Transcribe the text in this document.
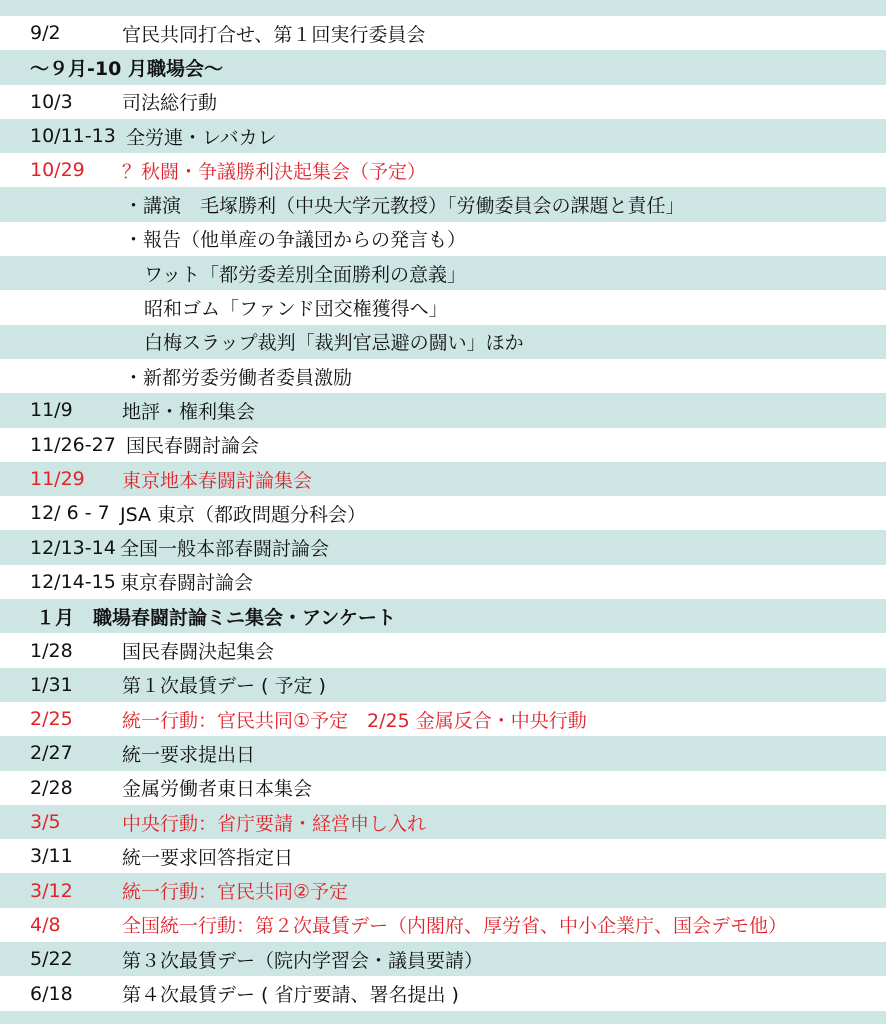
9/2	官民共同打合せ、第１回実行委員会
～９月-10 月職場会～
10/3	司法総行動
10/11-13 全労連・レバカレ
10/29 ？秋闘・争議勝利決起集会（予定）
・講演　毛塚勝利（中央大学元教授）「労働委員会の課題と責任」
・報告（他単産の争議団からの発言も）
ワット「都労委差別全面勝利の意義」
昭和ゴム「ファンド団交権獲得へ」
白梅スラップ裁判「裁判官忌避の闘い」ほか
・新都労委労働者委員激励
11/9	地評・権利集会
11/26-27 国民春闘討論会
11/29 東京地本春闘討論集会
12/ 6 - 7 JSA 東京（都政問題分科会）
12/13-14 全国一般本部春闘討論会
12/14-15 東京春闘討論会
１月　職場春闘討論ミニ集会・アンケート
1/28	国民春闘決起集会
1/31	第１次最賃デー ( 予定 )
2/25	統一行動：官民共同①予定　2/25 金属反合・中央行動
2/27	統一要求提出日
2/28	金属労働者東日本集会
3/5	中央行動：省庁要請・経営申し入れ
3/11	統一要求回答指定日
3/12	統一行動：官民共同②予定
4/8	全国統一行動：第２次最賃デー（内閣府、厚労省、中小企業庁、国会デモ他）
5/22	第３次最賃デー（院内学習会・議員要請）
6/18	第４次最賃デー ( 省庁要請、署名提出 )
